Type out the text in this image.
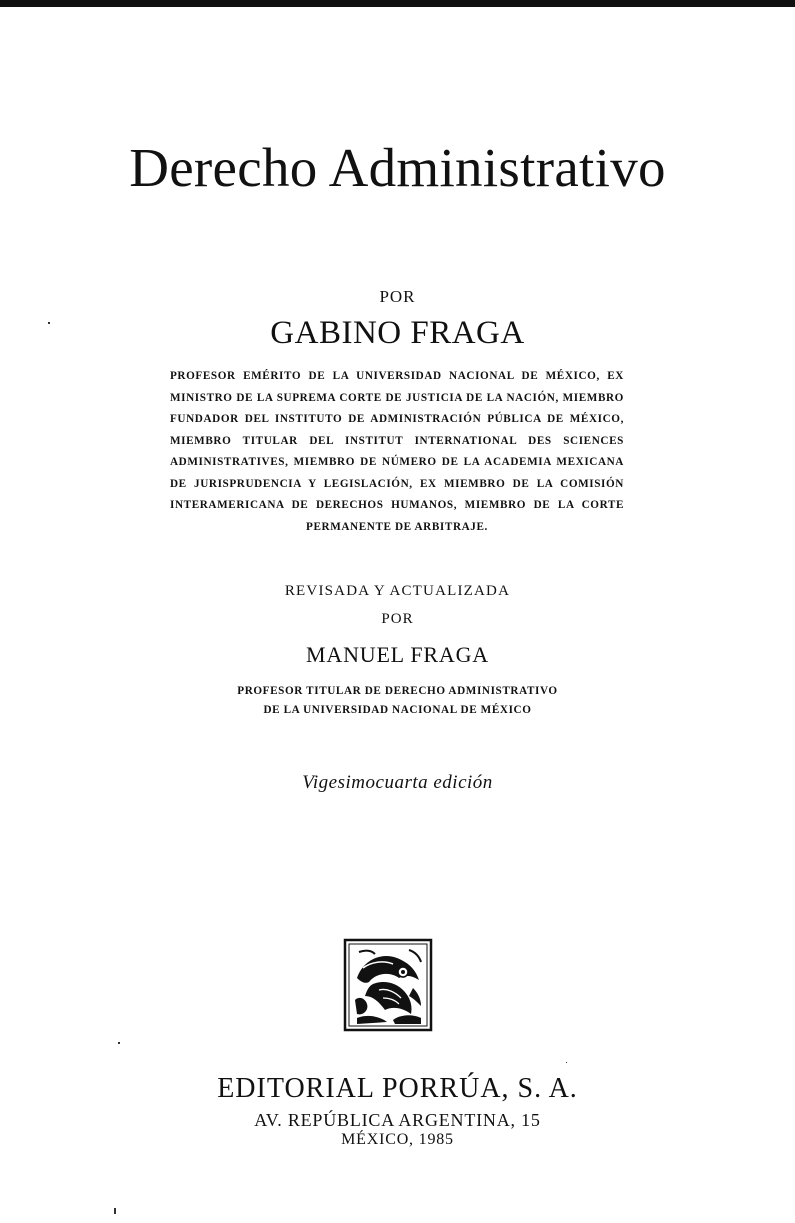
Derecho Administrativo
POR
GABINO FRAGA

PROFESOR EMÉRITO DE LA UNIVERSIDAD NACIONAL DE MÉXICO, EX MINISTRO DE LA SUPREMA CORTE DE JUSTICIA DE LA NACIÓN, MIEMBRO FUNDADOR DEL INSTITUTO DE ADMINISTRACIÓN PÚBLICA DE MÉXICO, MIEMBRO TITULAR DEL INSTITUT INTERNATIONAL DES SCIENCES ADMINISTRATIVES, MIEMBRO DE NÚMERO DE LA ACADEMIA MEXICANA DE JURISPRUDENCIA Y LEGISLACIÓN, EX MIEMBRO DE LA COMISIÓN INTERAMERICANA DE DERECHOS HUMANOS, MIEMBRO DE LA CORTE PERMANENTE DE ARBITRAJE.

REVISADA Y ACTUALIZADA
POR
MANUEL FRAGA
PROFESOR TITULAR DE DERECHO ADMINISTRATIVO
DE LA UNIVERSIDAD NACIONAL DE MÉXICO
Vigesimocuarta edición
EDITORIAL PORRÚA, S. A.
AV. REPÚBLICA ARGENTINA, 15
MÉXICO, 1985
